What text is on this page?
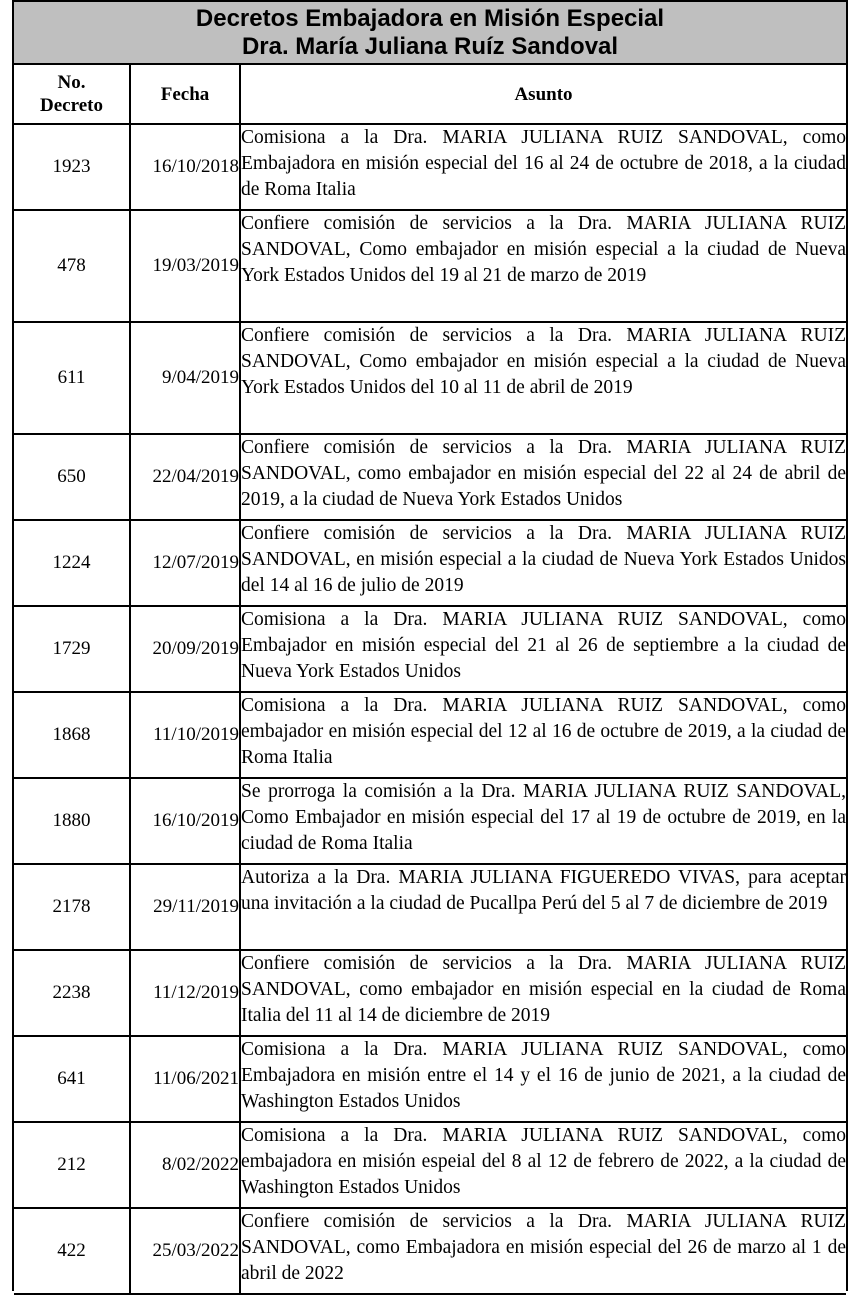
Decretos Embajadora en Misión Especial
Dra. María Juliana Ruíz Sandoval
No.
Decreto	Fecha	Asunto
1923	16/10/2018	Comisiona a la Dra. MARIA JULIANA RUIZ SANDOVAL, como Embajadora en misión especial del 16 al 24 de octubre de 2018, a la ciudad de Roma Italia
478	19/03/2019	Confiere comisión de servicios a la Dra. MARIA JULIANA RUIZ SANDOVAL, Como embajador en misión especial a la ciudad de Nueva York Estados Unidos del 19 al 21 de marzo de 2019
611	9/04/2019	Confiere comisión de servicios a la Dra. MARIA JULIANA RUIZ SANDOVAL, Como embajador en misión especial a la ciudad de Nueva York Estados Unidos del 10 al 11 de abril de 2019
650	22/04/2019	Confiere comisión de servicios a la Dra. MARIA JULIANA RUIZ SANDOVAL, como embajador en misión especial del 22 al 24 de abril de 2019, a la ciudad de Nueva York Estados Unidos
1224	12/07/2019	Confiere comisión de servicios a la Dra. MARIA JULIANA RUIZ SANDOVAL, en misión especial a la ciudad de Nueva York Estados Unidos del 14 al 16 de julio de 2019
1729	20/09/2019	Comisiona a la Dra. MARIA JULIANA RUIZ SANDOVAL, como Embajador en misión especial del 21 al 26 de septiembre a la ciudad de Nueva York Estados Unidos
1868	11/10/2019	Comisiona a la Dra. MARIA JULIANA RUIZ SANDOVAL, como embajador en misión especial del 12 al 16 de octubre de 2019, a la ciudad de Roma Italia
1880	16/10/2019	Se prorroga la comisión a la Dra. MARIA JULIANA RUIZ SANDOVAL, Como Embajador en misión especial del 17 al 19 de octubre de 2019, en la ciudad de Roma Italia
2178	29/11/2019	Autoriza a la Dra. MARIA JULIANA FIGUEREDO VIVAS, para aceptar una invitación a la ciudad de Pucallpa Perú del 5 al 7 de diciembre de 2019
2238	11/12/2019	Confiere comisión de servicios a la Dra. MARIA JULIANA RUIZ SANDOVAL, como embajador en misión especial en la ciudad de Roma Italia del 11 al 14 de diciembre de 2019
641	11/06/2021	Comisiona a la Dra. MARIA JULIANA RUIZ SANDOVAL, como Embajadora en misión entre el 14 y el 16 de junio de 2021, a la ciudad de Washington Estados Unidos
212	8/02/2022	Comisiona a la Dra. MARIA JULIANA RUIZ SANDOVAL, como embajadora en misión espeial del 8 al 12 de febrero de 2022, a la ciudad de Washington Estados Unidos
422	25/03/2022	Confiere comisión de servicios a la Dra. MARIA JULIANA RUIZ SANDOVAL, como Embajadora en misión especial del 26 de marzo al 1 de abril de 2022
